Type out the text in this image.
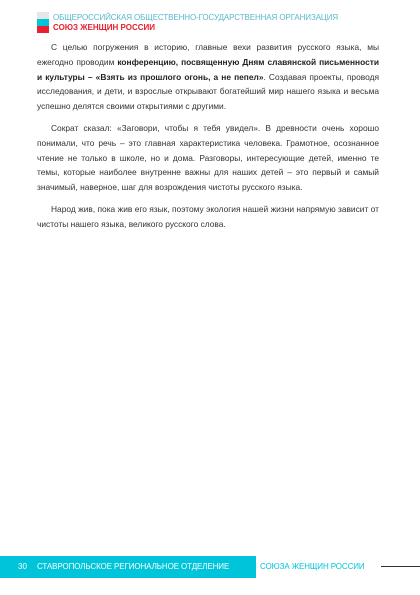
ОБЩЕРОССИЙСКАЯ ОБЩЕСТВЕННО-ГОСУДАРСТВЕННАЯ ОРГАНИЗАЦИЯ
СОЮЗ ЖЕНЩИН РОССИИ

С целью погружения в историю, главные вехи развития русского языка, мы ежегодно проводим конференцию, посвященную Дням славянской письменности и культуры – «Взять из прошлого огонь, а не пепел». Создавая проекты, проводя исследования, и дети, и взрослые открывают богатейший мир нашего языка и весьма успешно делятся своими открытиями с другими.

Сократ сказал: «Заговори, чтобы я тебя увидел». В древности очень хорошо понимали, что речь – это главная характеристика человека. Грамотное, осознанное чтение не только в школе, но и дома. Разговоры, интересующие детей, именно те темы, которые наиболее внутренне важны для наших детей – это первый и самый значимый, наверное, шаг для возрождения чистоты русского языка.

Народ жив, пока жив его язык, поэтому экология нашей жизни напрямую зависит от чистоты нашего языка, великого русского слова.

30 СТАВРОПОЛЬСКОЕ РЕГИОНАЛЬНОЕ ОТДЕЛЕНИЕ	СОЮЗА ЖЕНЩИН РОССИИ
